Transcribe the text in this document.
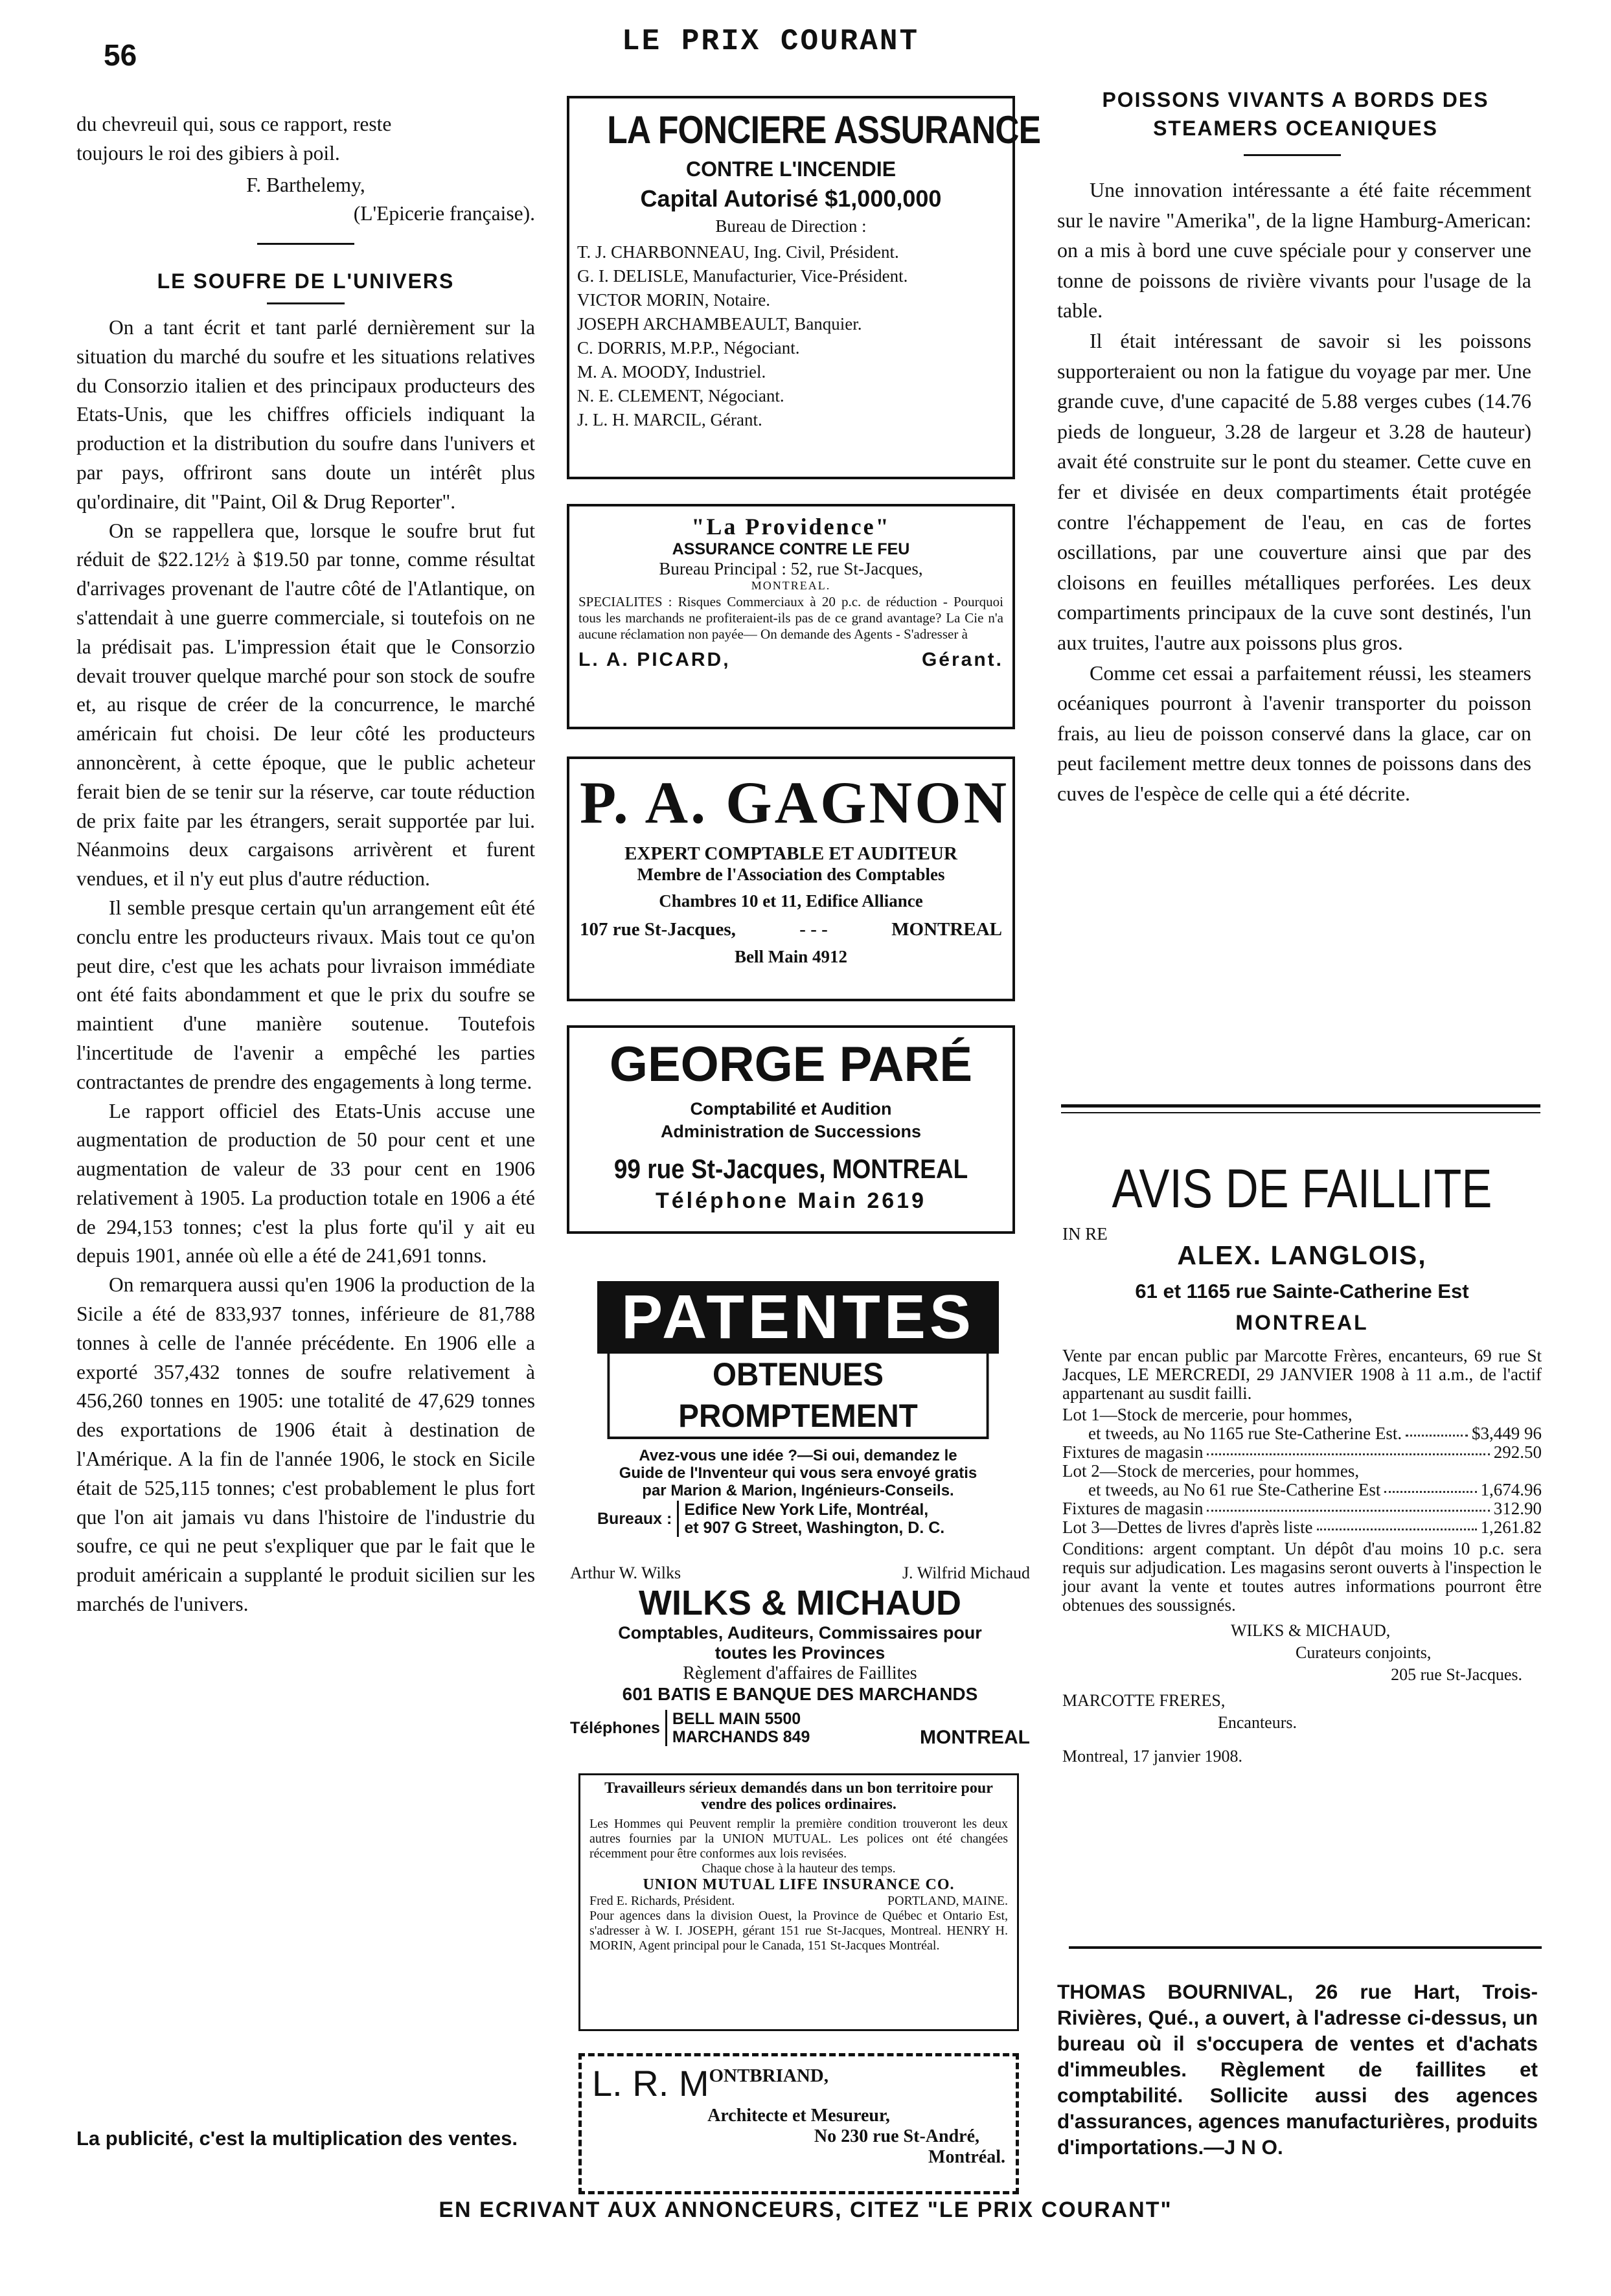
56	LE PRIX COURANT

du chevreuil qui, sous ce rapport, reste

toujours le roi des gibiers à poil.

F. Barthelemy,
(L'Epicerie française).
LE SOUFRE DE L'UNIVERS

On a tant écrit et tant parlé dernièrement sur la situation du marché du soufre et les situations relatives du Consorzio italien et des principaux producteurs des Etats-Unis, que les chiffres officiels indiquant la production et la distribution du soufre dans l'univers et par pays, offriront sans doute un intérêt plus qu'ordinaire, dit "Paint, Oil & Drug Reporter".

On se rappellera que, lorsque le soufre brut fut réduit de $22.12½ à $19.50 par tonne, comme résultat d'arrivages provenant de l'autre côté de l'Atlantique, on s'attendait à une guerre commerciale, si toutefois on ne la prédisait pas. L'impression était que le Consorzio devait trouver quelque marché pour son stock de soufre et, au risque de créer de la concurrence, le marché américain fut choisi. De leur côté les producteurs annoncèrent, à cette époque, que le public acheteur ferait bien de se tenir sur la réserve, car toute réduction de prix faite par les étrangers, serait supportée par lui. Néanmoins deux cargaisons arrivèrent et furent vendues, et il n'y eut plus d'autre réduction.

Il semble presque certain qu'un arrangement eût été conclu entre les producteurs rivaux. Mais tout ce qu'on peut dire, c'est que les achats pour livraison immédiate ont été faits abondamment et que le prix du soufre se maintient d'une manière soutenue. Toutefois l'incertitude de l'avenir a empêché les parties contractantes de prendre des engagements à long terme.

Le rapport officiel des Etats-Unis accuse une augmentation de production de 50 pour cent et une augmentation de valeur de 33 pour cent en 1906 relativement à 1905. La production totale en 1906 a été de 294,153 tonnes; c'est la plus forte qu'il y ait eu depuis 1901, année où elle a été de 241,691 tonns.

On remarquera aussi qu'en 1906 la production de la Sicile a été de 833,937 tonnes, inférieure de 81,788 tonnes à celle de l'année précédente. En 1906 elle a exporté 357,432 tonnes de soufre relativement à 456,260 tonnes en 1905: une totalité de 47,629 tonnes des exportations de 1906 était à destination de l'Amérique. A la fin de l'année 1906, le stock en Sicile était de 525,115 tonnes; c'est probablement le plus fort que l'on ait jamais vu dans l'histoire de l'industrie du soufre, ce qui ne peut s'expliquer que par le fait que le produit américain a supplanté le produit sicilien sur les marchés de l'univers.

La publicité, c'est la multiplication des ventes.
LA FONCIERE ASSURANCE
CONTRE L'INCENDIE
Capital Autorisé $1,000,000
Bureau de Direction :
T. J. CHARBONNEAU, Ing. Civil, Président.
G. I. DELISLE, Manufacturier, Vice-Président.
VICTOR MORIN, Notaire.
JOSEPH ARCHAMBEAULT, Banquier.
C. DORRIS, M.P.P., Négociant.
M. A. MOODY, Industriel.
N. E. CLEMENT, Négociant.
J. L. H. MARCIL, Gérant.
"La Providence"
ASSURANCE CONTRE LE FEU
Bureau Principal : 52, rue St-Jacques,
MONTREAL.
SPECIALITES : Risques Commerciaux à 20 p.c. de réduction - Pourquoi tous les marchands ne profiteraient-ils pas de ce grand avantage? La Cie n'a aucune réclamation non payée— On demande des Agents - S'adresser à
L. A. PICARD,	Gérant.
P. A. GAGNON
EXPERT COMPTABLE ET AUDITEUR
Membre de l'Association des Comptables
Chambres 10 et 11, Edifice Alliance
107 rue St-Jacques,	- - -	MONTREAL
Bell Main 4912
GEORGE PARÉ
Comptabilité et Audition
Administration de Successions
99 rue St-Jacques, MONTREAL
Téléphone Main 2619
PATENTES
OBTENUES PROMPTEMENT
Avez-vous une idée ?—Si oui, demandez le
Guide de l'Inventeur qui vous sera envoyé gratis
par Marion & Marion, Ingénieurs-Conseils.
Bureaux : Edifice New York Life, Montréal,
et 907 G Street, Washington, D. C.
Arthur W. Wilks	J. Wilfrid Michaud
WILKS & MICHAUD
Comptables, Auditeurs, Commissaires pour
toutes les Provinces
Règlement d'affaires de Faillites
601 BATIS E BANQUE DES MARCHANDS
Téléphones BELL MAIN 5500
MARCHANDS 849	MONTREAL
Travailleurs sérieux demandés dans un bon territoire pour vendre des polices ordinaires.
Les Hommes qui Peuvent remplir la première condition trouveront les deux autres fournies par la UNION MUTUAL. Les polices ont été changées récemment pour être conformes aux lois revisées.
Chaque chose à la hauteur des temps.
UNION MUTUAL LIFE INSURANCE CO.
Fred E. Richards, Président.	PORTLAND, MAINE.
Pour agences dans la division Ouest, la Province de Québec et Ontario Est, s'adresser à W. I. JOSEPH, gérant 151 rue St-Jacques, Montreal. HENRY H. MORIN, Agent principal pour le Canada, 151 St-Jacques Montréal.
L. R. M ONTBRIAND,
Architecte et Mesureur,
No 230 rue St-André,
Montréal.
POISSONS VIVANTS A BORDS DES STEAMERS OCEANIQUES

Une innovation intéressante a été faite récemment sur le navire "Amerika", de la ligne Hamburg-American: on a mis à bord une cuve spéciale pour y conserver une tonne de poissons de rivière vivants pour l'usage de la table.

Il était intéressant de savoir si les poissons supporteraient ou non la fatigue du voyage par mer. Une grande cuve, d'une capacité de 5.88 verges cubes (14.76 pieds de longueur, 3.28 de largeur et 3.28 de hauteur) avait été construite sur le pont du steamer. Cette cuve en fer et divisée en deux compartiments était protégée contre l'échappement de l'eau, en cas de fortes oscillations, par une couverture ainsi que par des cloisons en feuilles métalliques perforées. Les deux compartiments principaux de la cuve sont destinés, l'un aux truites, l'autre aux poissons plus gros.

Comme cet essai a parfaitement réussi, les steamers océaniques pourront à l'avenir transporter du poisson frais, au lieu de poisson conservé dans la glace, car on peut facilement mettre deux tonnes de poissons dans des cuves de l'espèce de celle qui a été décrite.

AVIS DE FAILLITE
IN RE
ALEX. LANGLOIS,
61 et 1165 rue Sainte-Catherine Est
MONTREAL
Vente par encan public par Marcotte Frères, encanteurs, 69 rue St Jacques, LE MERCREDI, 29 JANVIER 1908 à 11 a.m., de l'actif appartenant au susdit failli.
Lot 1—Stock de mercerie, pour hommes,
et tweeds, au No 1165 rue Ste-Catherine Est.	$3,449 96
Fixtures de magasin	292.50
Lot 2—Stock de merceries, pour hommes,
et tweeds, au No 61 rue Ste-Catherine Est	1,674.96
Fixtures de magasin	312.90
Lot 3—Dettes de livres d'après liste	1,261.82
Conditions: argent comptant. Un dépôt d'au moins 10 p.c. sera requis sur adjudication. Les magasins seront ouverts à l'inspection le jour avant la vente et toutes autres informations pourront être obtenues des soussignés.
WILKS & MICHAUD,
Curateurs conjoints,
205 rue St-Jacques.
MARCOTTE FRERES,
Encanteurs.
Montreal, 17 janvier 1908.
THOMAS BOURNIVAL, 26 rue Hart, Trois-Rivières, Qué., a ouvert, à l'adresse ci-dessus, un bureau où il s'occupera de ventes et d'achats d'immeubles. Règlement de faillites et comptabilité. Sollicite aussi des agences d'assurances, agences manufacturières, produits d'importations.—J N O.
EN ECRIVANT AUX ANNONCEURS, CITEZ "LE PRIX COURANT"
